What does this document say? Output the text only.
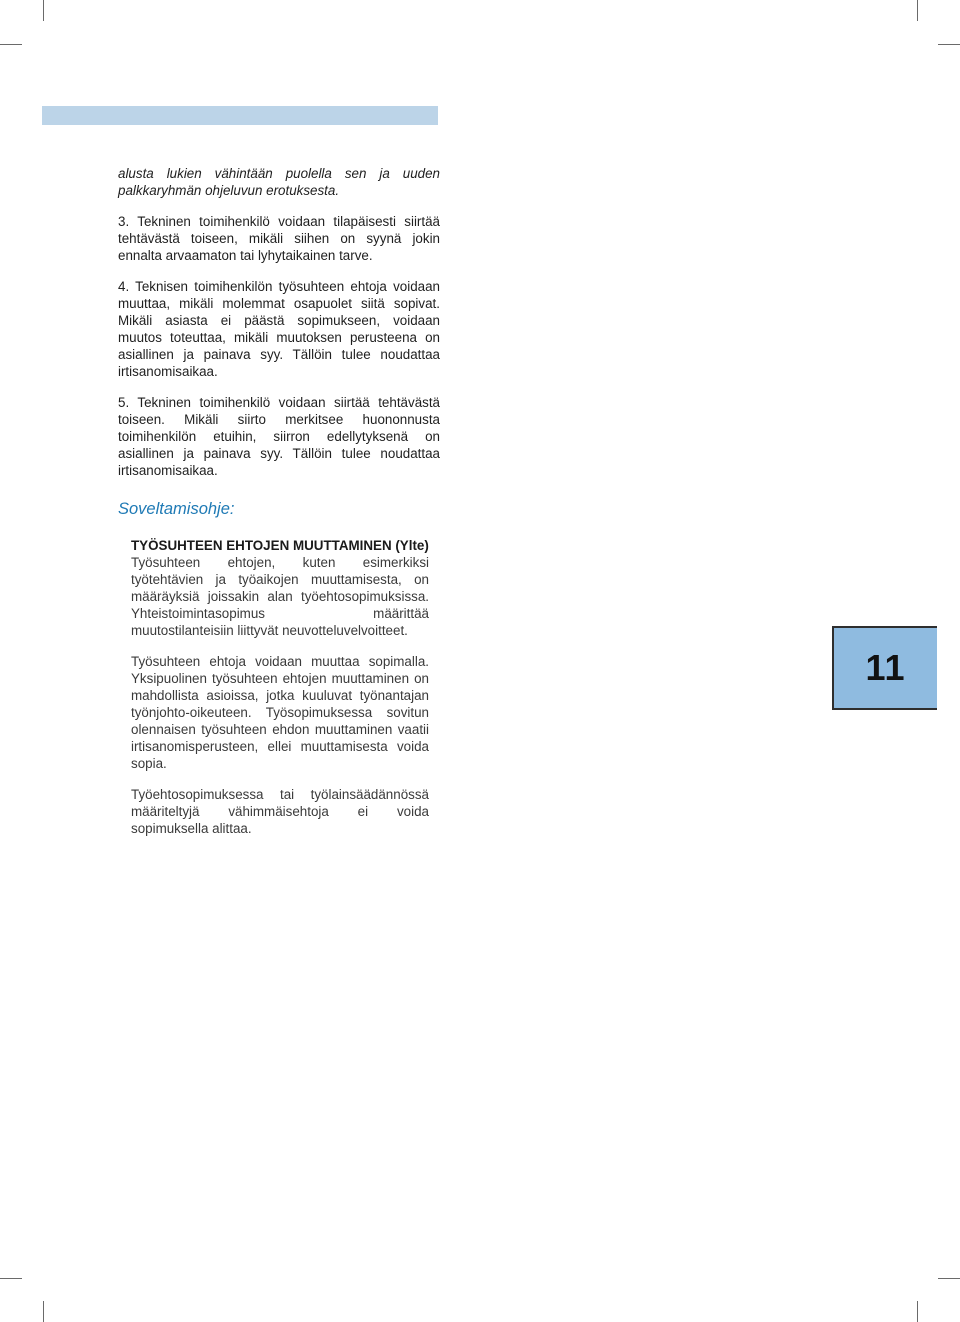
alusta lukien vähintään puolella sen ja uuden palkkaryhmän ohjeluvun erotuksesta.

3. Tekninen toimihenkilö voidaan tilapäisesti siirtää tehtävästä toiseen, mikäli siihen on syynä jokin ennalta arvaamaton tai lyhytaikainen tarve.

4. Teknisen toimihenkilön työsuhteen ehtoja voidaan muuttaa, mikäli molemmat osapuolet siitä sopivat. Mikäli asiasta ei päästä sopimukseen, voidaan muutos toteuttaa, mikäli muutoksen perusteena on asiallinen ja painava syy. Tällöin tulee noudattaa irtisanomisaikaa.

5. Tekninen toimihenkilö voidaan siirtää tehtävästä toiseen. Mikäli siirto merkitsee huononnusta toimihenkilön etuihin, siirron edellytyksenä on asiallinen ja painava syy. Tällöin tulee noudattaa irtisanomisaikaa.

Soveltamisohje:
TYÖSUHTEEN EHTOJEN MUUTTAMINEN (Ylte)

Työsuhteen ehtojen, kuten esimerkiksi työtehtävien ja työaikojen muuttamisesta, on määräyksiä joissakin alan työehtosopimuksissa. Yhteistoimintasopimus määrittää muutostilanteisiin liittyvät neuvotteluvelvoitteet.

Työsuhteen ehtoja voidaan muuttaa sopimalla. Yksipuolinen työsuhteen ehtojen muuttaminen on mahdollista asioissa, jotka kuuluvat työnantajan työnjohto-oikeuteen. Työsopimuksessa sovitun olennaisen työsuhteen ehdon muuttaminen vaatii irtisanomisperusteen, ellei muuttamisesta voida sopia.

Työehtosopimuksessa tai työlainsäädännössä määriteltyjä vähimmäisehtoja ei voida sopimuksella alittaa.

11
